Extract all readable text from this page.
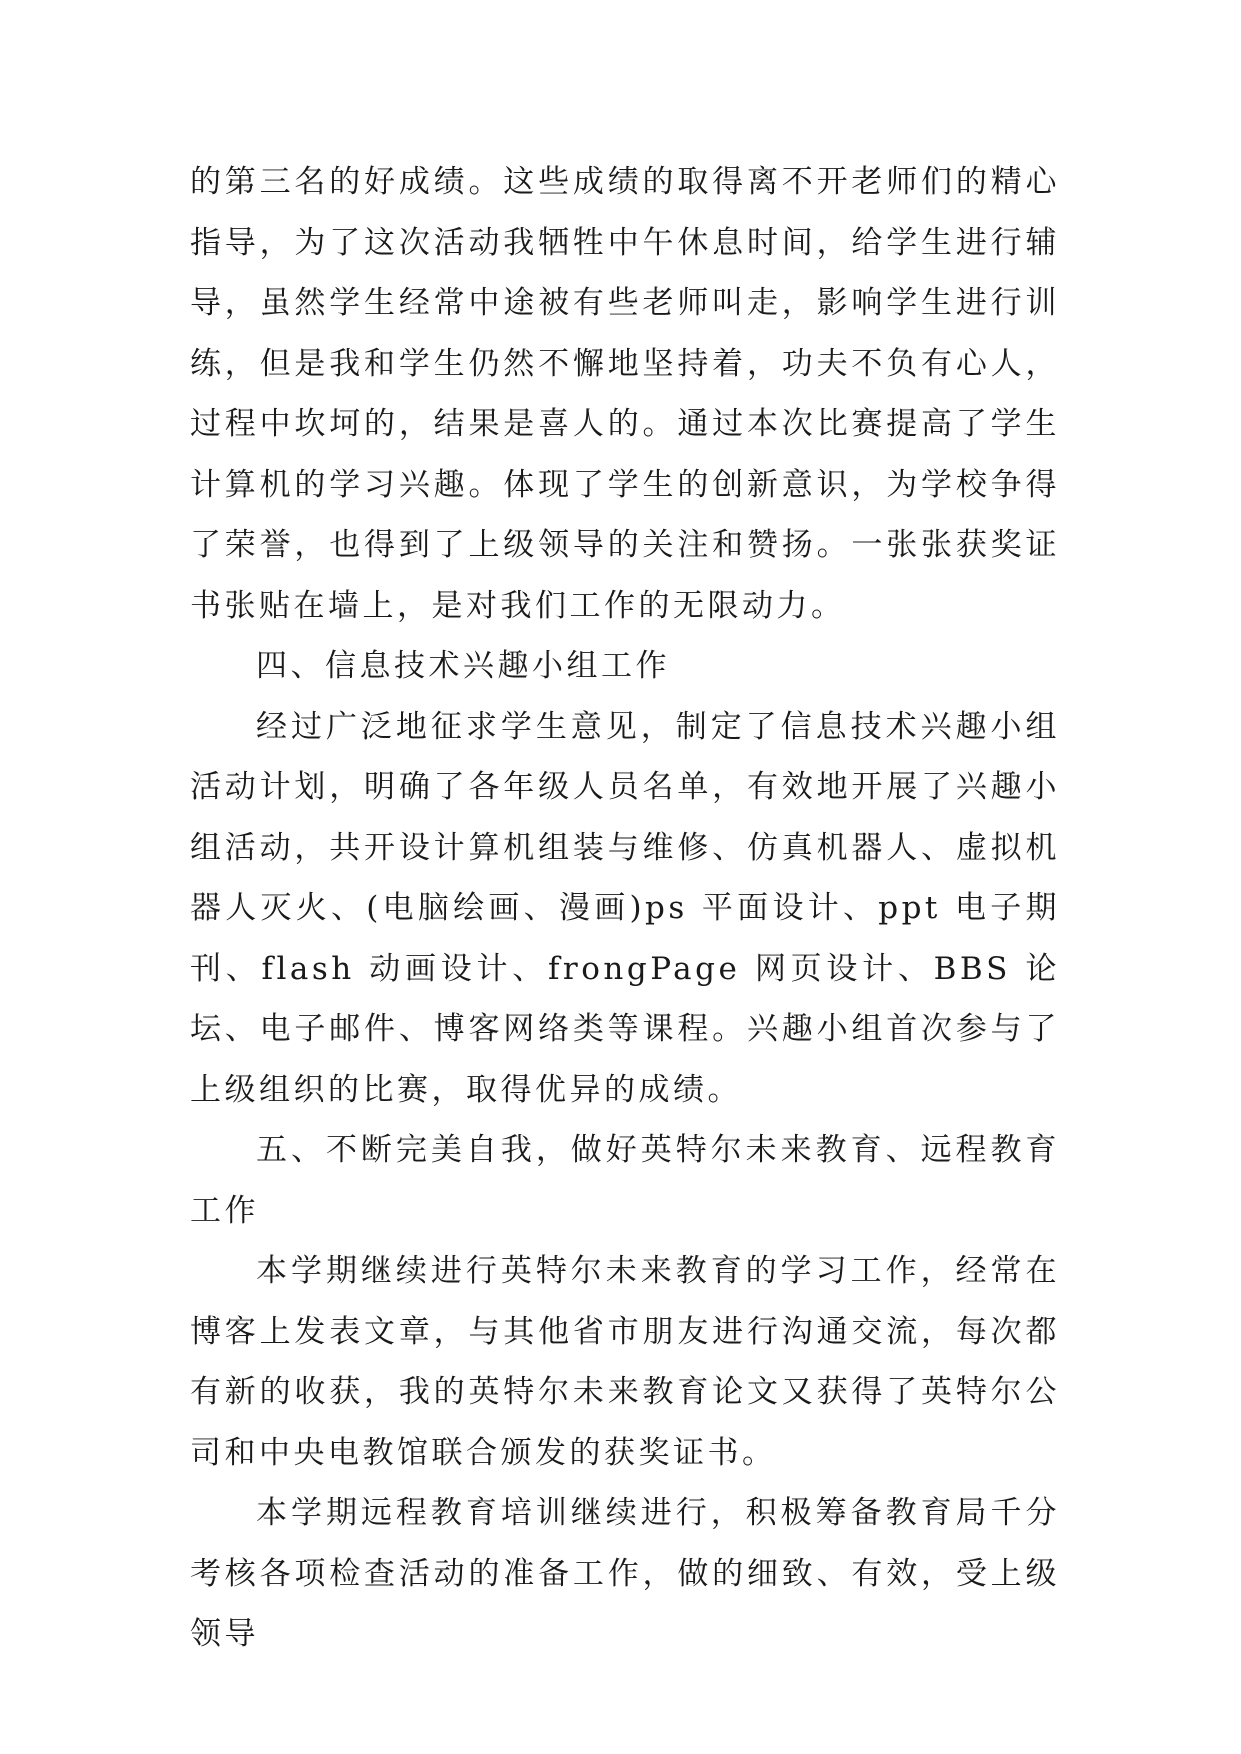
的第三名的好成绩。这些成绩的取得离不开老师们的精心指导，为了这次活动我牺牲中午休息时间，给学生进行辅导，虽然学生经常中途被有些老师叫走，影响学生进行训练，但是我和学生仍然不懈地坚持着，功夫不负有心人，过程中坎坷的，结果是喜人的。通过本次比赛提高了学生计算机的学习兴趣。体现了学生的创新意识，为学校争得了荣誉，也得到了上级领导的关注和赞扬。一张张获奖证书张贴在墙上，是对我们工作的无限动力。

四、信息技术兴趣小组工作

经过广泛地征求学生意见，制定了信息技术兴趣小组活动计划，明确了各年级人员名单，有效地开展了兴趣小组活动，共开设计算机组装与维修、仿真机器人、虚拟机器人灭火、(电脑绘画、漫画)ps 平面设计、ppt 电子期刊、flash 动画设计、frongPage 网页设计、BBS 论坛、电子邮件、博客网络类等课程。兴趣小组首次参与了上级组织的比赛，取得优异的成绩。

五、不断完美自我，做好英特尔未来教育、远程教育工作

本学期继续进行英特尔未来教育的学习工作，经常在博客上发表文章，与其他省市朋友进行沟通交流，每次都有新的收获，我的英特尔未来教育论文又获得了英特尔公司和中央电教馆联合颁发的获奖证书。

本学期远程教育培训继续进行，积极筹备教育局千分考核各项检查活动的准备工作，做的细致、有效，受上级领导
